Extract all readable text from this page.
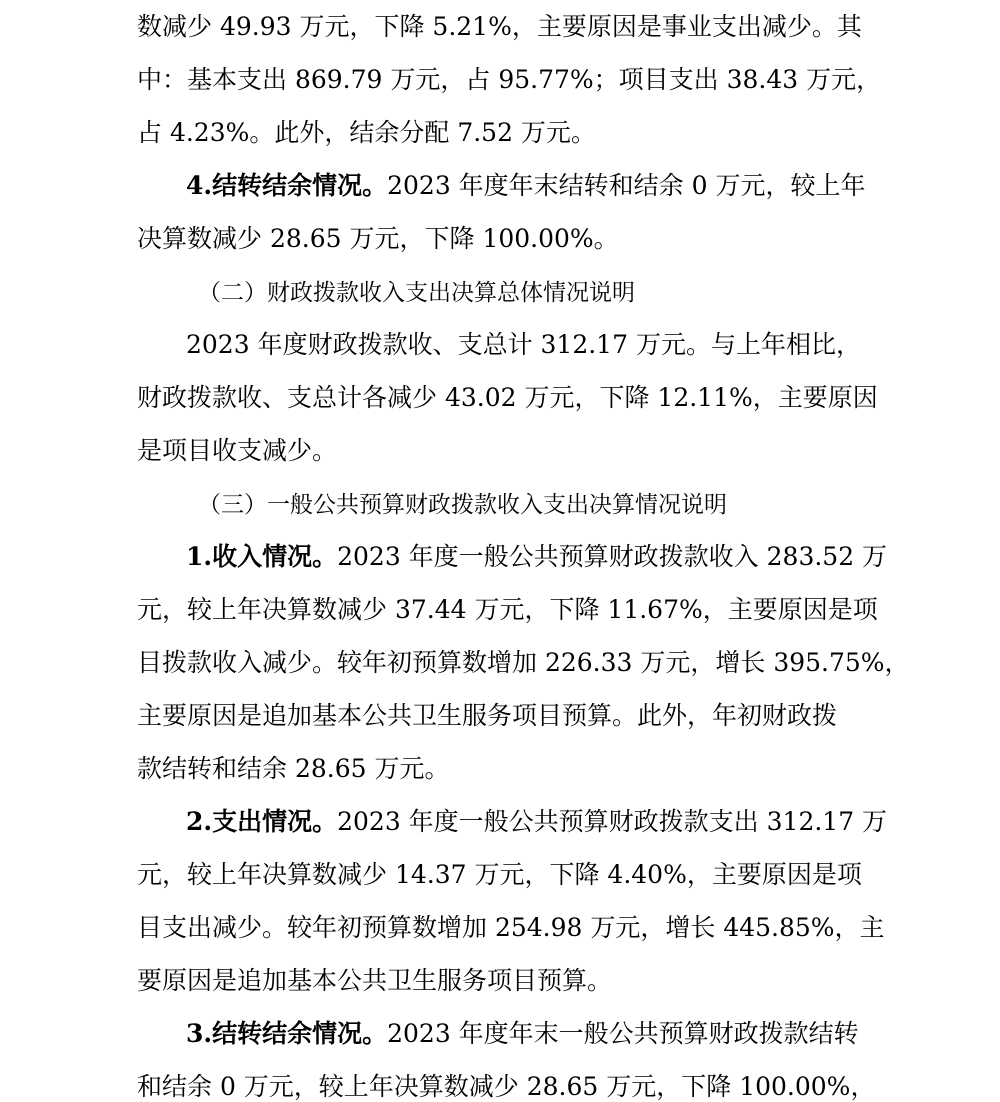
数减少 49.93 万元，下降 5.21%，主要原因是事业支出减少。其
中：基本支出 869.79 万元，占 95.77%；项目支出 38.43 万元，
占 4.23%。此外，结余分配 7.52 万元。
4.结转结余情况。2023 年度年末结转和结余 0 万元，较上年
决算数减少 28.65 万元，下降 100.00%。
（二）财政拨款收入支出决算总体情况说明
2023 年度财政拨款收、支总计 312.17 万元。与上年相比，
财政拨款收、支总计各减少 43.02 万元，下降 12.11%，主要原因
是项目收支减少。
（三）一般公共预算财政拨款收入支出决算情况说明
1.收入情况。2023 年度一般公共预算财政拨款收入 283.52 万
元，较上年决算数减少 37.44 万元，下降 11.67%，主要原因是项
目拨款收入减少。较年初预算数增加 226.33 万元，增长 395.75%，
主要原因是追加基本公共卫生服务项目预算。此外，年初财政拨
款结转和结余 28.65 万元。
2.支出情况。2023 年度一般公共预算财政拨款支出 312.17 万
元，较上年决算数减少 14.37 万元，下降 4.40%，主要原因是项
目支出减少。较年初预算数增加 254.98 万元，增长 445.85%，主
要原因是追加基本公共卫生服务项目预算。
3.结转结余情况。2023 年度年末一般公共预算财政拨款结转
和结余 0 万元，较上年决算数减少 28.65 万元，下降 100.00%，
